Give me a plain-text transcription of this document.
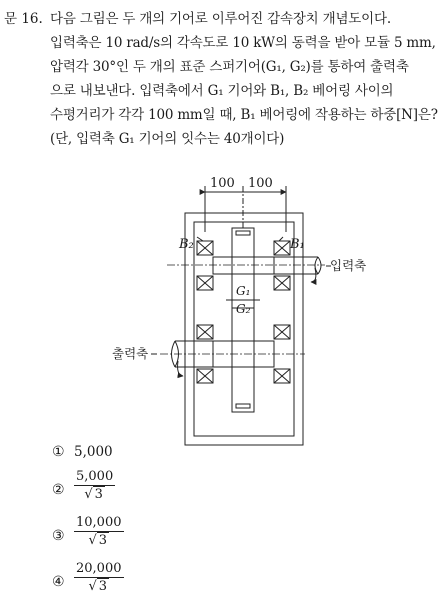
문 16. 다음 그림은 두 개의 기어로 이루어진 감속장치 개념도이다.
입력축은 10 rad/s의 각속도로 10 kW의 동력을 받아 모듈 5 mm,
압력각 30°인 두 개의 표준 스퍼기어(G₁, G₂)를 통하여 출력축
으로 내보낸다. 입력축에서 G₁ 기어와 B₁, B₂ 베어링 사이의
수평거리가 각각 100 mm일 때, B₁ 베어링에 작용하는 하중[N]은?
(단, 입력축 G₁ 기어의 잇수는 40개이다)
100 100
B₂	B₁
G₁
G₂
입력축
출력축
① 5,000
② $\frac{5,000}{√ 3}$
③ $\frac{10,000}{√ 3}$
④ $\frac{20,000}{√ 3}$
